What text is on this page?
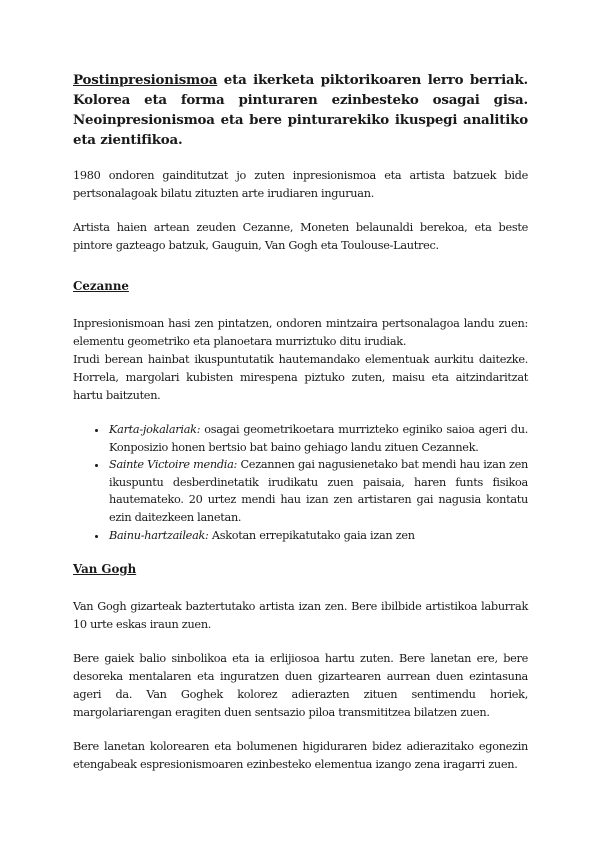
Postinpresionismoa eta ikerketa piktorikoaren lerro berriak. Kolorea eta forma pinturaren ezinbesteko osagai gisa. Neoinpresionismoa eta bere pinturarekiko ikuspegi analitiko eta zientifikoa.

1980 ondoren gainditutzat jo zuten inpresionismoa eta artista batzuek bide pertsonalagoak bilatu zituzten arte irudiaren inguruan.

Artista haien artean zeuden Cezanne, Moneten belaunaldi berekoa, eta beste pintore gazteago batzuk, Gauguin, Van Gogh eta Toulouse-Lautrec.

Cezanne

Inpresionismoan hasi zen pintatzen, ondoren mintzaira pertsonalagoa landu zuen: elementu geometriko eta planoetara murriztuko ditu irudiak.

Irudi berean hainbat ikuspuntutatik hautemandako elementuak aurkitu daitezke. Horrela, margolari kubisten mirespena piztuko zuten, maisu eta aitzindaritzat hartu baitzuten.

• Karta-jokalariak: osagai geometrikoetara murrizteko eginiko saioa ageri du. Konposizio honen bertsio bat baino gehiago landu zituen Cezannek.
• Sainte Victoire mendia: Cezannen gai nagusienetako bat mendi hau izan zen ikuspuntu desberdinetatik irudikatu zuen paisaia, haren funts fisikoa hautemateko. 20 urtez mendi hau izan zen artistaren gai nagusia kontatu ezin daitezkeen lanetan.
• Bainu-hartzaileak: Askotan errepikatutako gaia izan zen
Van Gogh

Van Gogh gizarteak baztertutako artista izan zen. Bere ibilbide artistikoa laburrak 10 urte eskas iraun zuen.

Bere gaiek balio sinbolikoa eta ia erlijiosoa hartu zuten. Bere lanetan ere, bere desoreka mentalaren eta inguratzen duen gizartearen aurrean duen ezintasuna ageri da. Van Goghek kolorez adierazten zituen sentimendu horiek, margolariarengan eragiten duen sentsazio piloa transmititzea bilatzen zuen.

Bere lanetan kolorearen eta bolumenen higiduraren bidez adierazitako egonezin etengabeak espresionismoaren ezinbesteko elementua izango zena iragarri zuen.
